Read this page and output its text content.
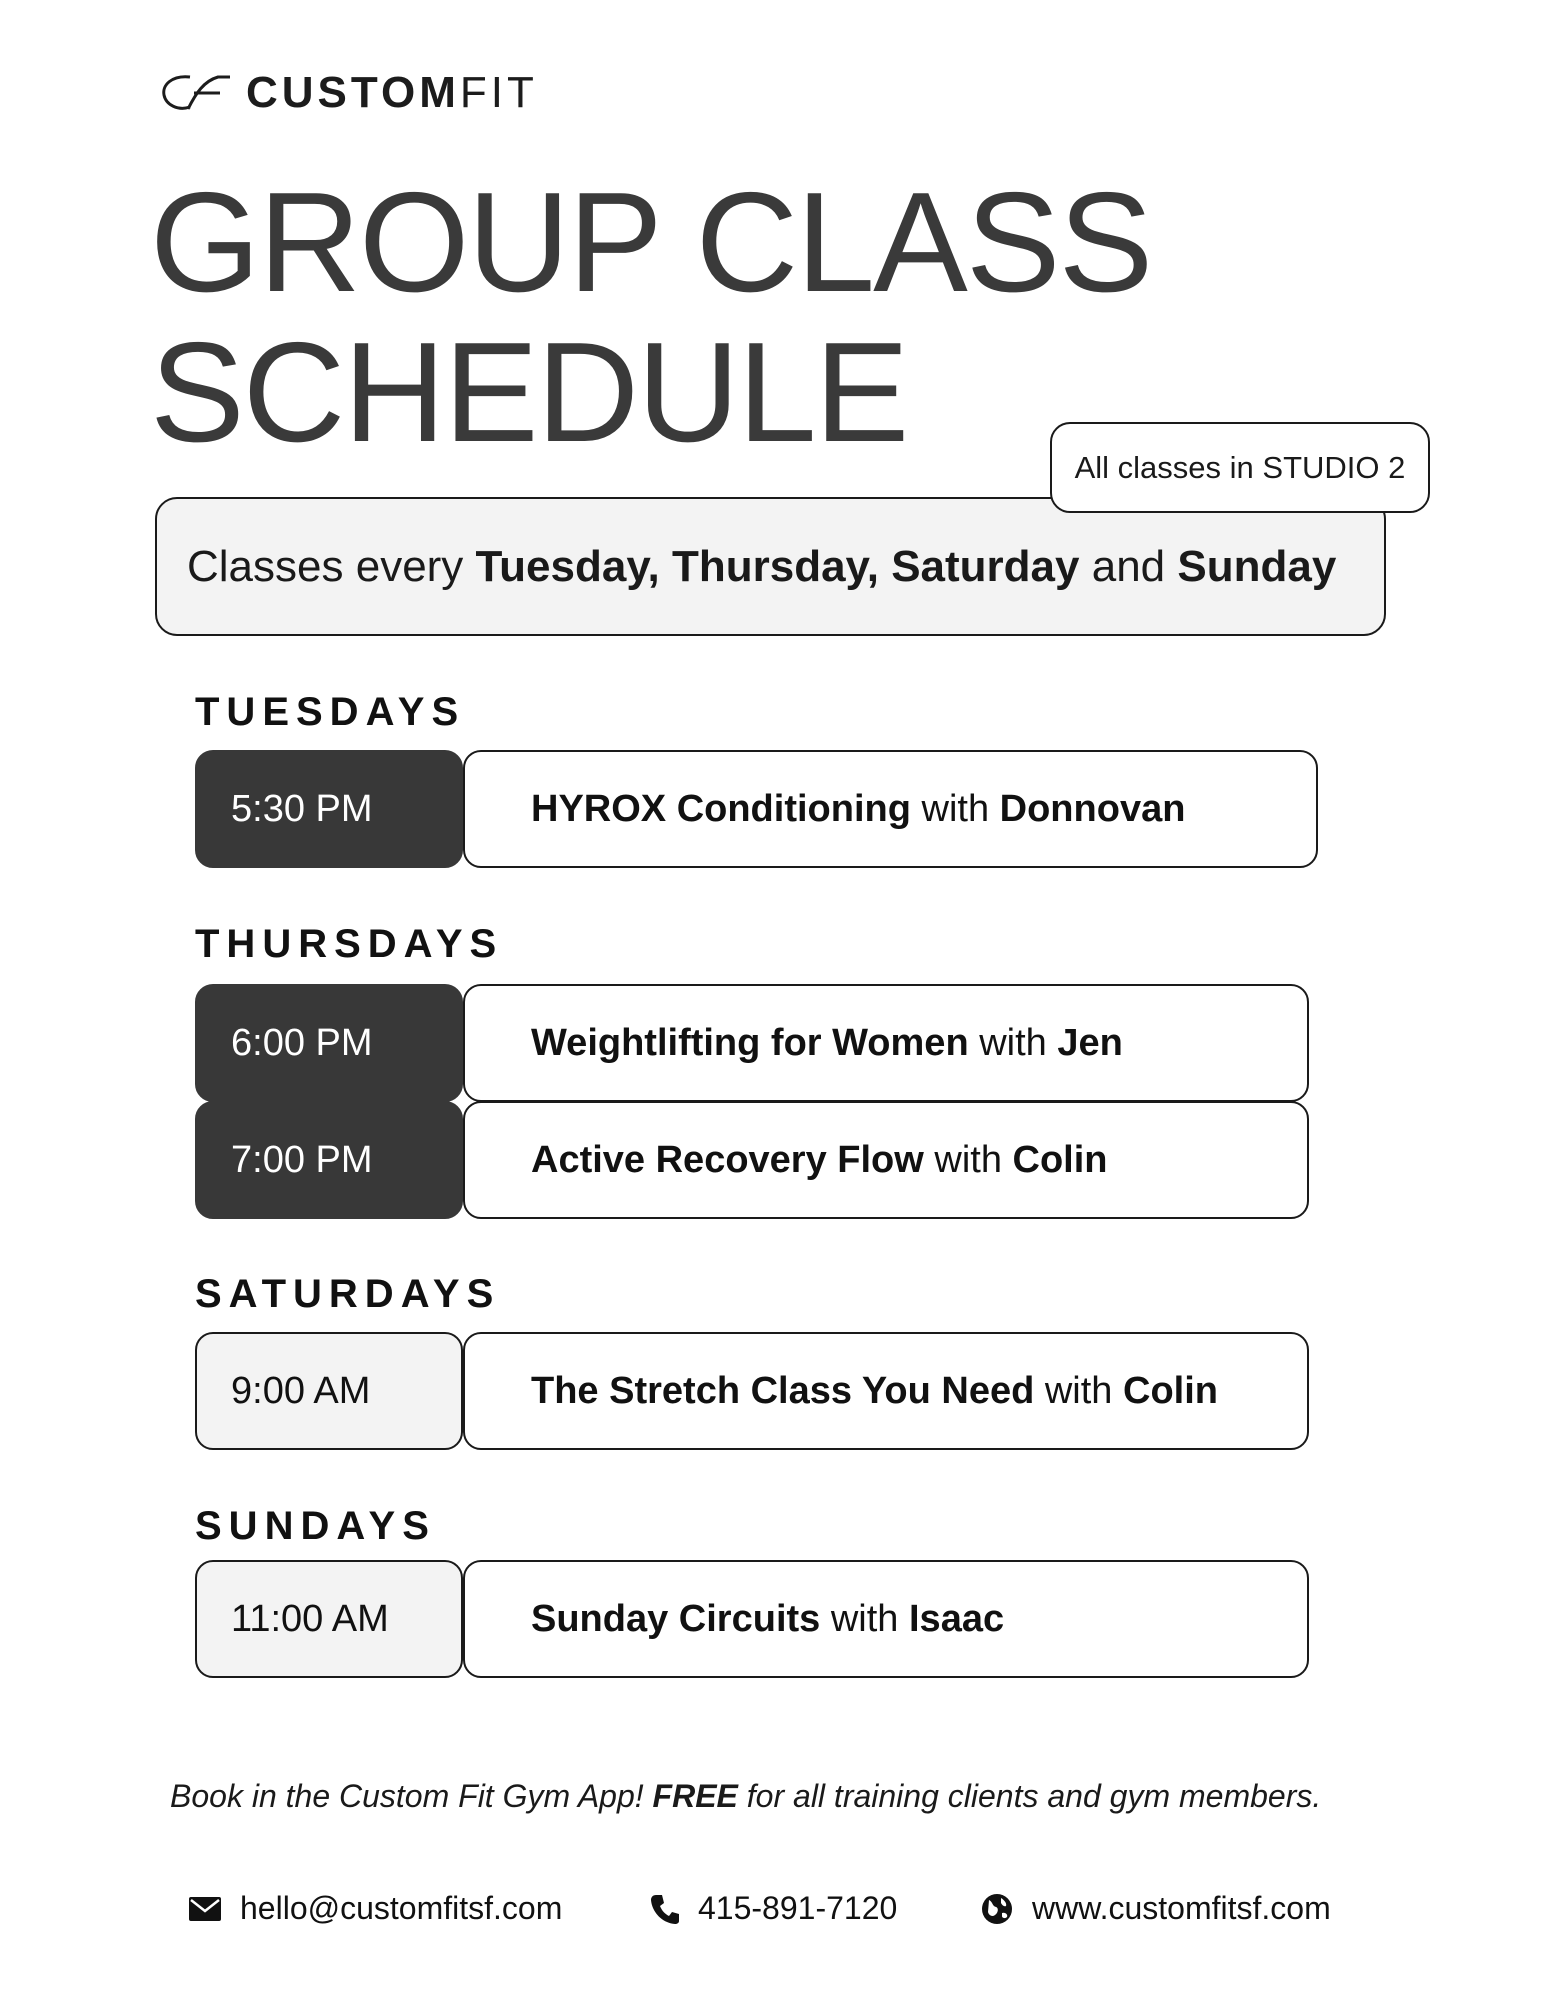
CUSTOMFIT
GROUP CLASS
SCHEDULE
Classes every
Tuesday, Thursday, Saturday
and
Sunday
All classes in STUDIO 2
TUESDAYS
5:30 PM	HYROX Conditioning
with
Donnovan
THURSDAYS
6:00 PM	Weightlifting for Women
with
Jen
7:00 PM	Active Recovery Flow
with
Colin
SATURDAYS
9:00 AM	The Stretch Class You Need
with
Colin
SUNDAYS
11:00 AM	Sunday Circuits
with
Isaac

Book in the Custom Fit Gym App! FREE for all training clients and gym members.

hello@customfitsf.com	415-891-7120	www.customfitsf.com
